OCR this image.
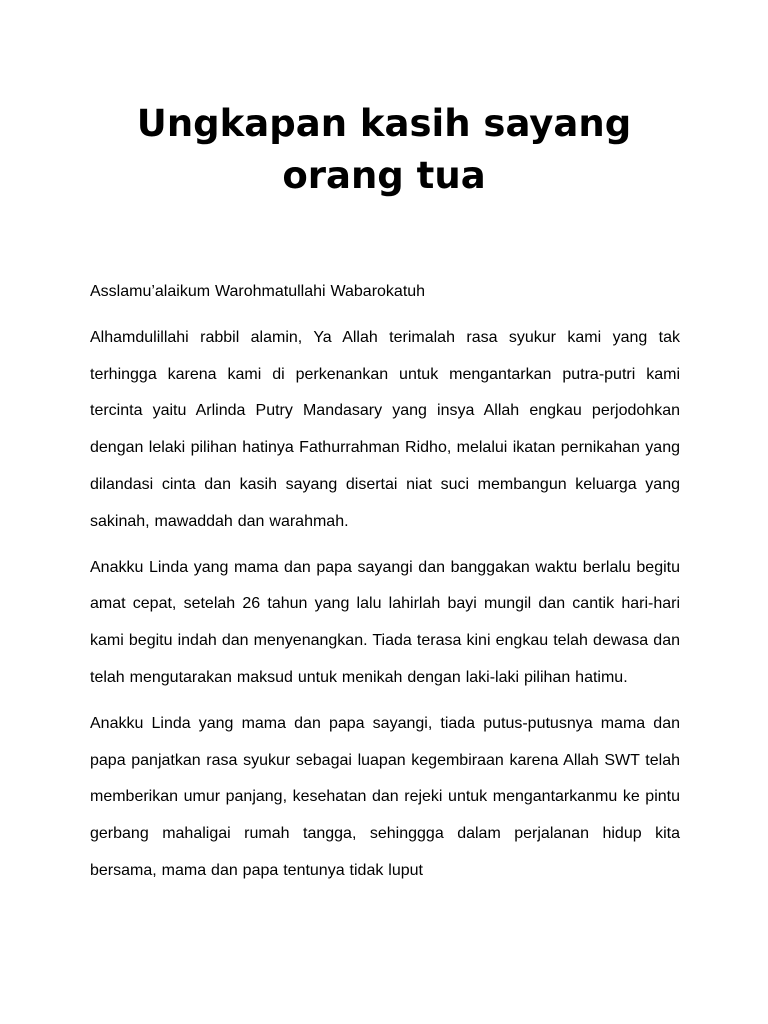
Ungkapan kasih sayang
orang tua

Asslamu’alaikum Warohmatullahi Wabarokatuh

Alhamdulillahi rabbil alamin, Ya Allah terimalah rasa syukur kami yang tak terhingga karena kami di perkenankan untuk mengantarkan putra-putri kami tercinta yaitu Arlinda Putry Mandasary yang insya Allah engkau perjodohkan dengan lelaki pilihan hatinya Fathurrahman Ridho, melalui ikatan pernikahan yang dilandasi cinta dan kasih sayang disertai niat suci membangun keluarga yang sakinah, mawaddah dan warahmah.

Anakku Linda yang mama dan papa sayangi dan banggakan waktu berlalu begitu amat cepat, setelah 26 tahun yang lalu lahirlah bayi mungil dan cantik hari-hari kami begitu indah dan menyenangkan. Tiada terasa kini engkau telah dewasa dan telah mengutarakan maksud untuk menikah dengan laki-laki pilihan hatimu.

Anakku Linda yang mama dan papa sayangi, tiada putus-putusnya mama dan papa panjatkan rasa syukur sebagai luapan kegembiraan karena Allah SWT telah memberikan umur panjang, kesehatan dan rejeki untuk mengantarkanmu ke pintu gerbang mahaligai rumah tangga, sehinggga dalam perjalanan hidup kita bersama, mama dan papa tentunya tidak luput
